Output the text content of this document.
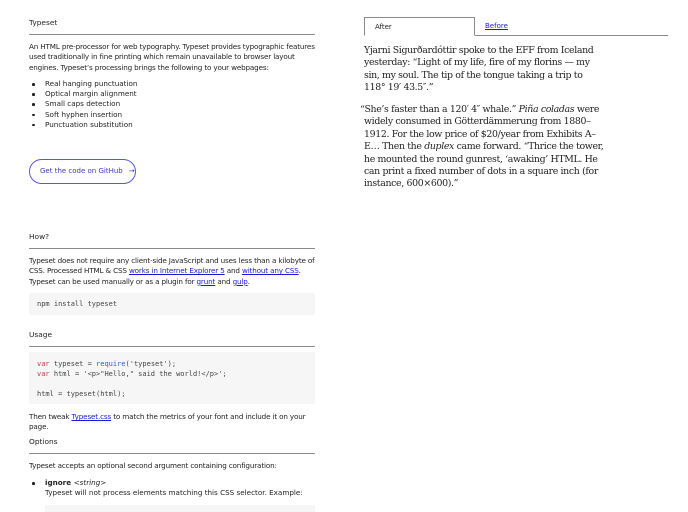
Typeset
An HTML pre-processor for web typography. Typeset provides typographic features used traditionally in fine printing which remain unavailable to browser layout engines. Typeset’s processing brings the following to your webpages:
Real hanging punctuation
Optical margin alignment
Small caps detection
Soft hyphen insertion
Punctuation substitution
Get the code on GitHub →
How?
Typeset does not require any client-side JavaScript and uses less than a kilobyte of CSS. Processed HTML & CSS works in Internet Explorer 5 and without any CSS. Typeset can be used manually or as a plugin for grunt and gulp.
npm install typeset
Usage
var typeset = require('typeset');
var html = '<p>"Hello," said the world!</p>';
html = typeset(html);
Then tweak Typeset.css to match the metrics of your font and include it on your page.
Options
Typeset accepts an optional second argument containing configuration:
ignore <string>
Typeset will not process elements matching this CSS selector. Example:
After	Before
Yjarni Sigurðardóttir spoke to the EFF from Iceland yesterday: “Light of my life, fire of my florins — my sin, my soul. The tip of the tongue taking a trip to 118° 19′ 43.5″.”
“She’s faster than a 120′ 4″ whale.” Piña coladas were widely consumed in Götterdämmerung from 1880–1912. For the low price of $20/year from Exhibits A–E… Then the duplex came forward. “Thrice the tower, he mounted the round gunrest, ‘awaking’ HTML. He can print a fixed number of dots in a square inch (for instance, 600×600).”
